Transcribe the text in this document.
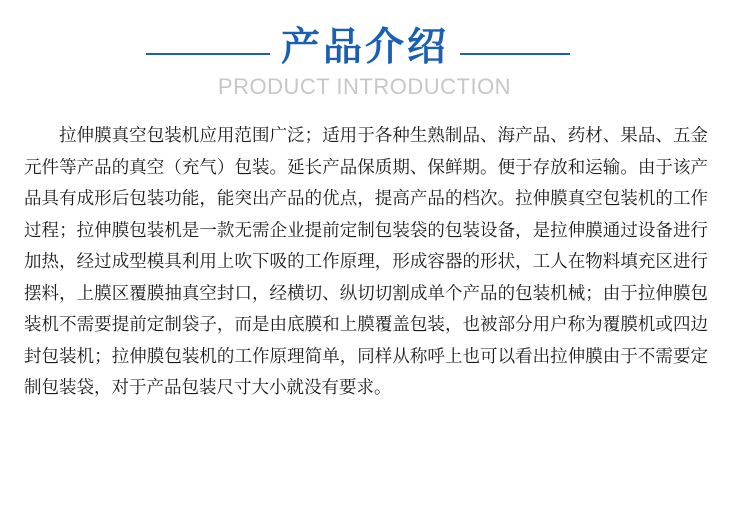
产品介绍
PRODUCT INTRODUCTION

拉伸膜真空包装机应用范围广泛；适用于各种生熟制品、海产品、药材、果品、五金元件等产品的真空（充气）包装。延长产品保质期、保鲜期。便于存放和运输。由于该产品具有成形后包装功能，能突出产品的优点，提高产品的档次。拉伸膜真空包装机的工作过程；拉伸膜包装机是一款无需企业提前定制包装袋的包装设备，是拉伸膜通过设备进行加热，经过成型模具利用上吹下吸的工作原理，形成容器的形状，工人在物料填充区进行摆料，上膜区覆膜抽真空封口，经横切、纵切切割成单个产品的包装机械；由于拉伸膜包装机不需要提前定制袋子，而是由底膜和上膜覆盖包装，也被部分用户称为覆膜机或四边封包装机；拉伸膜包装机的工作原理简单，同样从称呼上也可以看出拉伸膜由于不需要定制包装袋，对于产品包装尺寸大小就没有要求。
